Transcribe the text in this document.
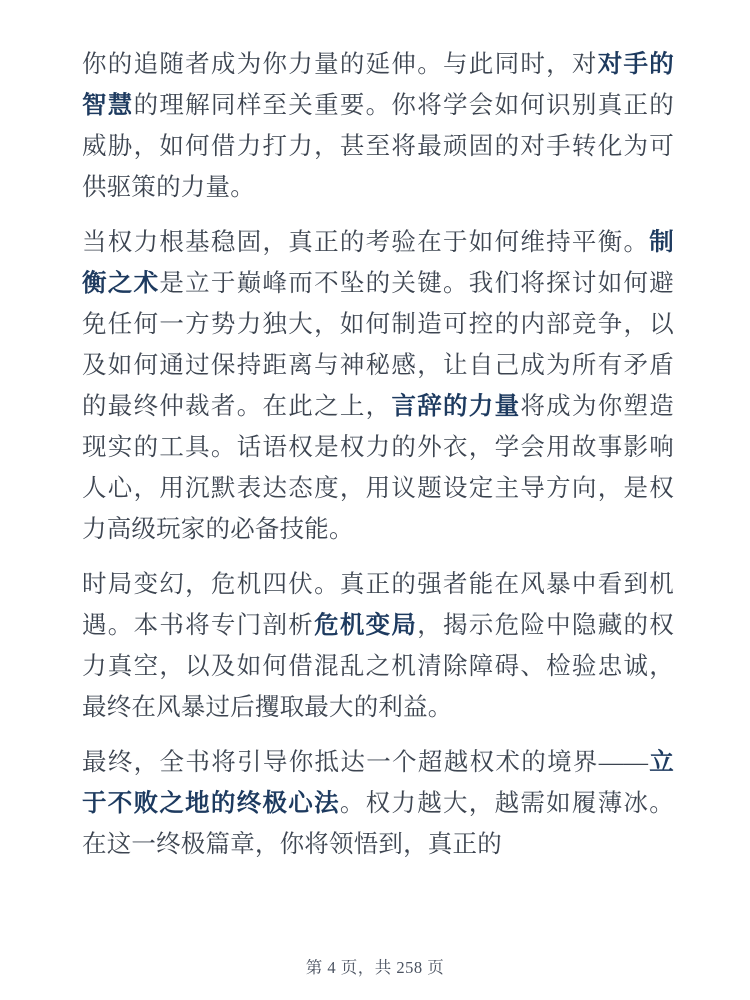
你的追随者成为你力量的延伸。与此同时，对对手的智慧的理解同样至关重要。你将学会如何识别真正的威胁，如何借力打力，甚至将最顽固的对手转化为可供驱策的力量。

当权力根基稳固，真正的考验在于如何维持平衡。制衡之术是立于巅峰而不坠的关键。我们将探讨如何避免任何一方势力独大，如何制造可控的内部竞争，以及如何通过保持距离与神秘感，让自己成为所有矛盾的最终仲裁者。在此之上，言辞的力量将成为你塑造现实的工具。话语权是权力的外衣，学会用故事影响人心，用沉默表达态度，用议题设定主导方向，是权力高级玩家的必备技能。

时局变幻，危机四伏。真正的强者能在风暴中看到机遇。本书将专门剖析危机变局，揭示危险中隐藏的权力真空，以及如何借混乱之机清除障碍、检验忠诚，最终在风暴过后攫取最大的利益。

最终，全书将引导你抵达一个超越权术的境界——立于不败之地的终极心法。权力越大，越需如履薄冰。在这一终极篇章，你将领悟到，真正的

第 4 页，共 258 页
